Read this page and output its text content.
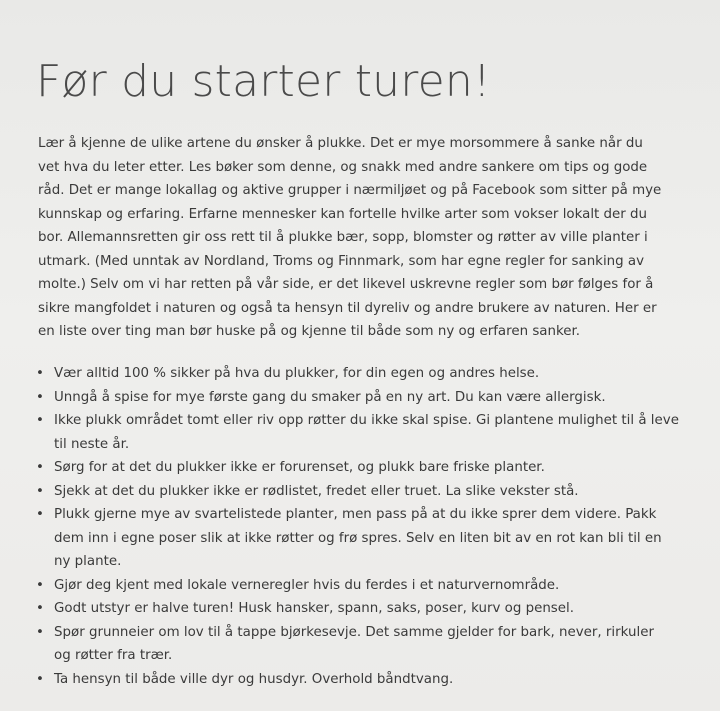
Før du starter turen!
Lær å kjenne de ulike artene du ønsker å plukke. Det er mye morsommere å sanke når du
vet hva du leter etter. Les bøker som denne, og snakk med andre sankere om tips og gode
råd. Det er mange lokallag og aktive grupper i nærmiljøet og på Facebook som sitter på mye
kunnskap og erfaring. Erfarne mennesker kan fortelle hvilke arter som vokser lokalt der du
bor. Allemannsretten gir oss rett til å plukke bær, sopp, blomster og røtter av ville planter i
utmark. (Med unntak av Nordland, Troms og Finnmark, som har egne regler for sanking av
molte.) Selv om vi har retten på vår side, er det likevel uskrevne regler som bør følges for å
sikre mangfoldet i naturen og også ta hensyn til dyreliv og andre brukere av naturen. Her er
en liste over ting man bør huske på og kjenne til både som ny og erfaren sanker.
• Vær alltid 100 % sikker på hva du plukker, for din egen og andres helse.
• Unngå å spise for mye første gang du smaker på en ny art. Du kan være allergisk.
• Ikke plukk området tomt eller riv opp røtter du ikke skal spise. Gi plantene mulighet til å leve
til neste år.
• Sørg for at det du plukker ikke er forurenset, og plukk bare friske planter.
• Sjekk at det du plukker ikke er rødlistet, fredet eller truet. La slike vekster stå.
• Plukk gjerne mye av svartelistede planter, men pass på at du ikke sprer dem videre. Pakk
dem inn i egne poser slik at ikke røtter og frø spres. Selv en liten bit av en rot kan bli til en
ny plante.
• Gjør deg kjent med lokale verneregler hvis du ferdes i et naturvernområde.
• Godt utstyr er halve turen! Husk hansker, spann, saks, poser, kurv og pensel.
• Spør grunneier om lov til å tappe bjørkesevje. Det samme gjelder for bark, never, rirkuler
og røtter fra trær.
• Ta hensyn til både ville dyr og husdyr. Overhold båndtvang.
